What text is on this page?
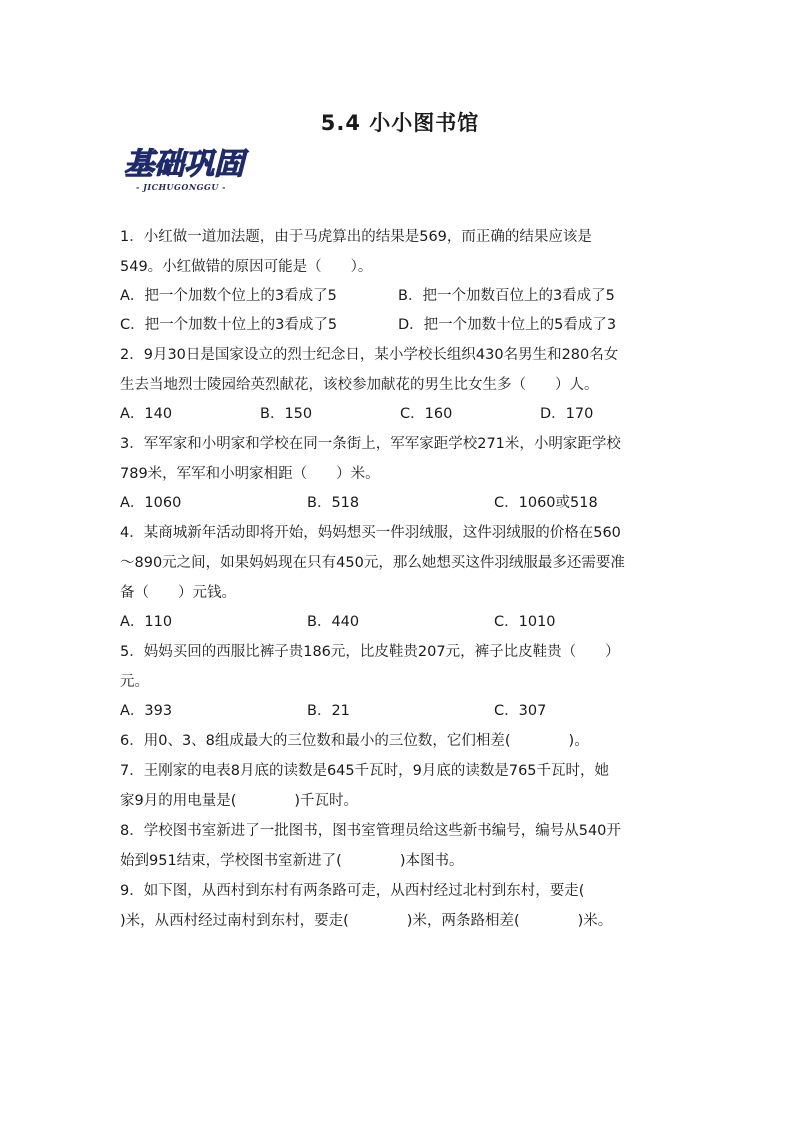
5.4 小小图书馆
基础巩固
- JICHUGONGGU -
1．小红做一道加法题，由于马虎算出的结果是569，而正确的结果应该是
549。小红做错的原因可能是（　　）。
A．把一个加数个位上的3看成了5	B．把一个加数百位上的3看成了5
C．把一个加数十位上的3看成了5	D．把一个加数十位上的5看成了3
2．9月30日是国家设立的烈士纪念日，某小学校长组织430名男生和280名女
生去当地烈士陵园给英烈献花，该校参加献花的男生比女生多（　　）人。
A．140	B．150	C．160	D．170
3．军军家和小明家和学校在同一条街上，军军家距学校271米，小明家距学校
789米，军军和小明家相距（　　）米。
A．1060	B．518	C．1060或518
4．某商城新年活动即将开始，妈妈想买一件羽绒服，这件羽绒服的价格在560
～890元之间，如果妈妈现在只有450元，那么她想买这件羽绒服最多还需要准
备（　　）元钱。
A．110	B．440	C．1010
5．妈妈买回的西服比裤子贵186元，比皮鞋贵207元，裤子比皮鞋贵（　　）
元。
A．393	B．21	C．307
6．用0、3、8组成最大的三位数和最小的三位数，它们相差(　　　　)。
7．王刚家的电表8月底的读数是645千瓦时，9月底的读数是765千瓦时，她
家9月的用电量是(　　　　)千瓦时。
8．学校图书室新进了一批图书，图书室管理员给这些新书编号，编号从540开
始到951结束，学校图书室新进了(　　　　)本图书。
9．如下图，从西村到东村有两条路可走，从西村经过北村到东村，要走(
)米，从西村经过南村到东村，要走(　　　　)米，两条路相差(　　　　)米。
